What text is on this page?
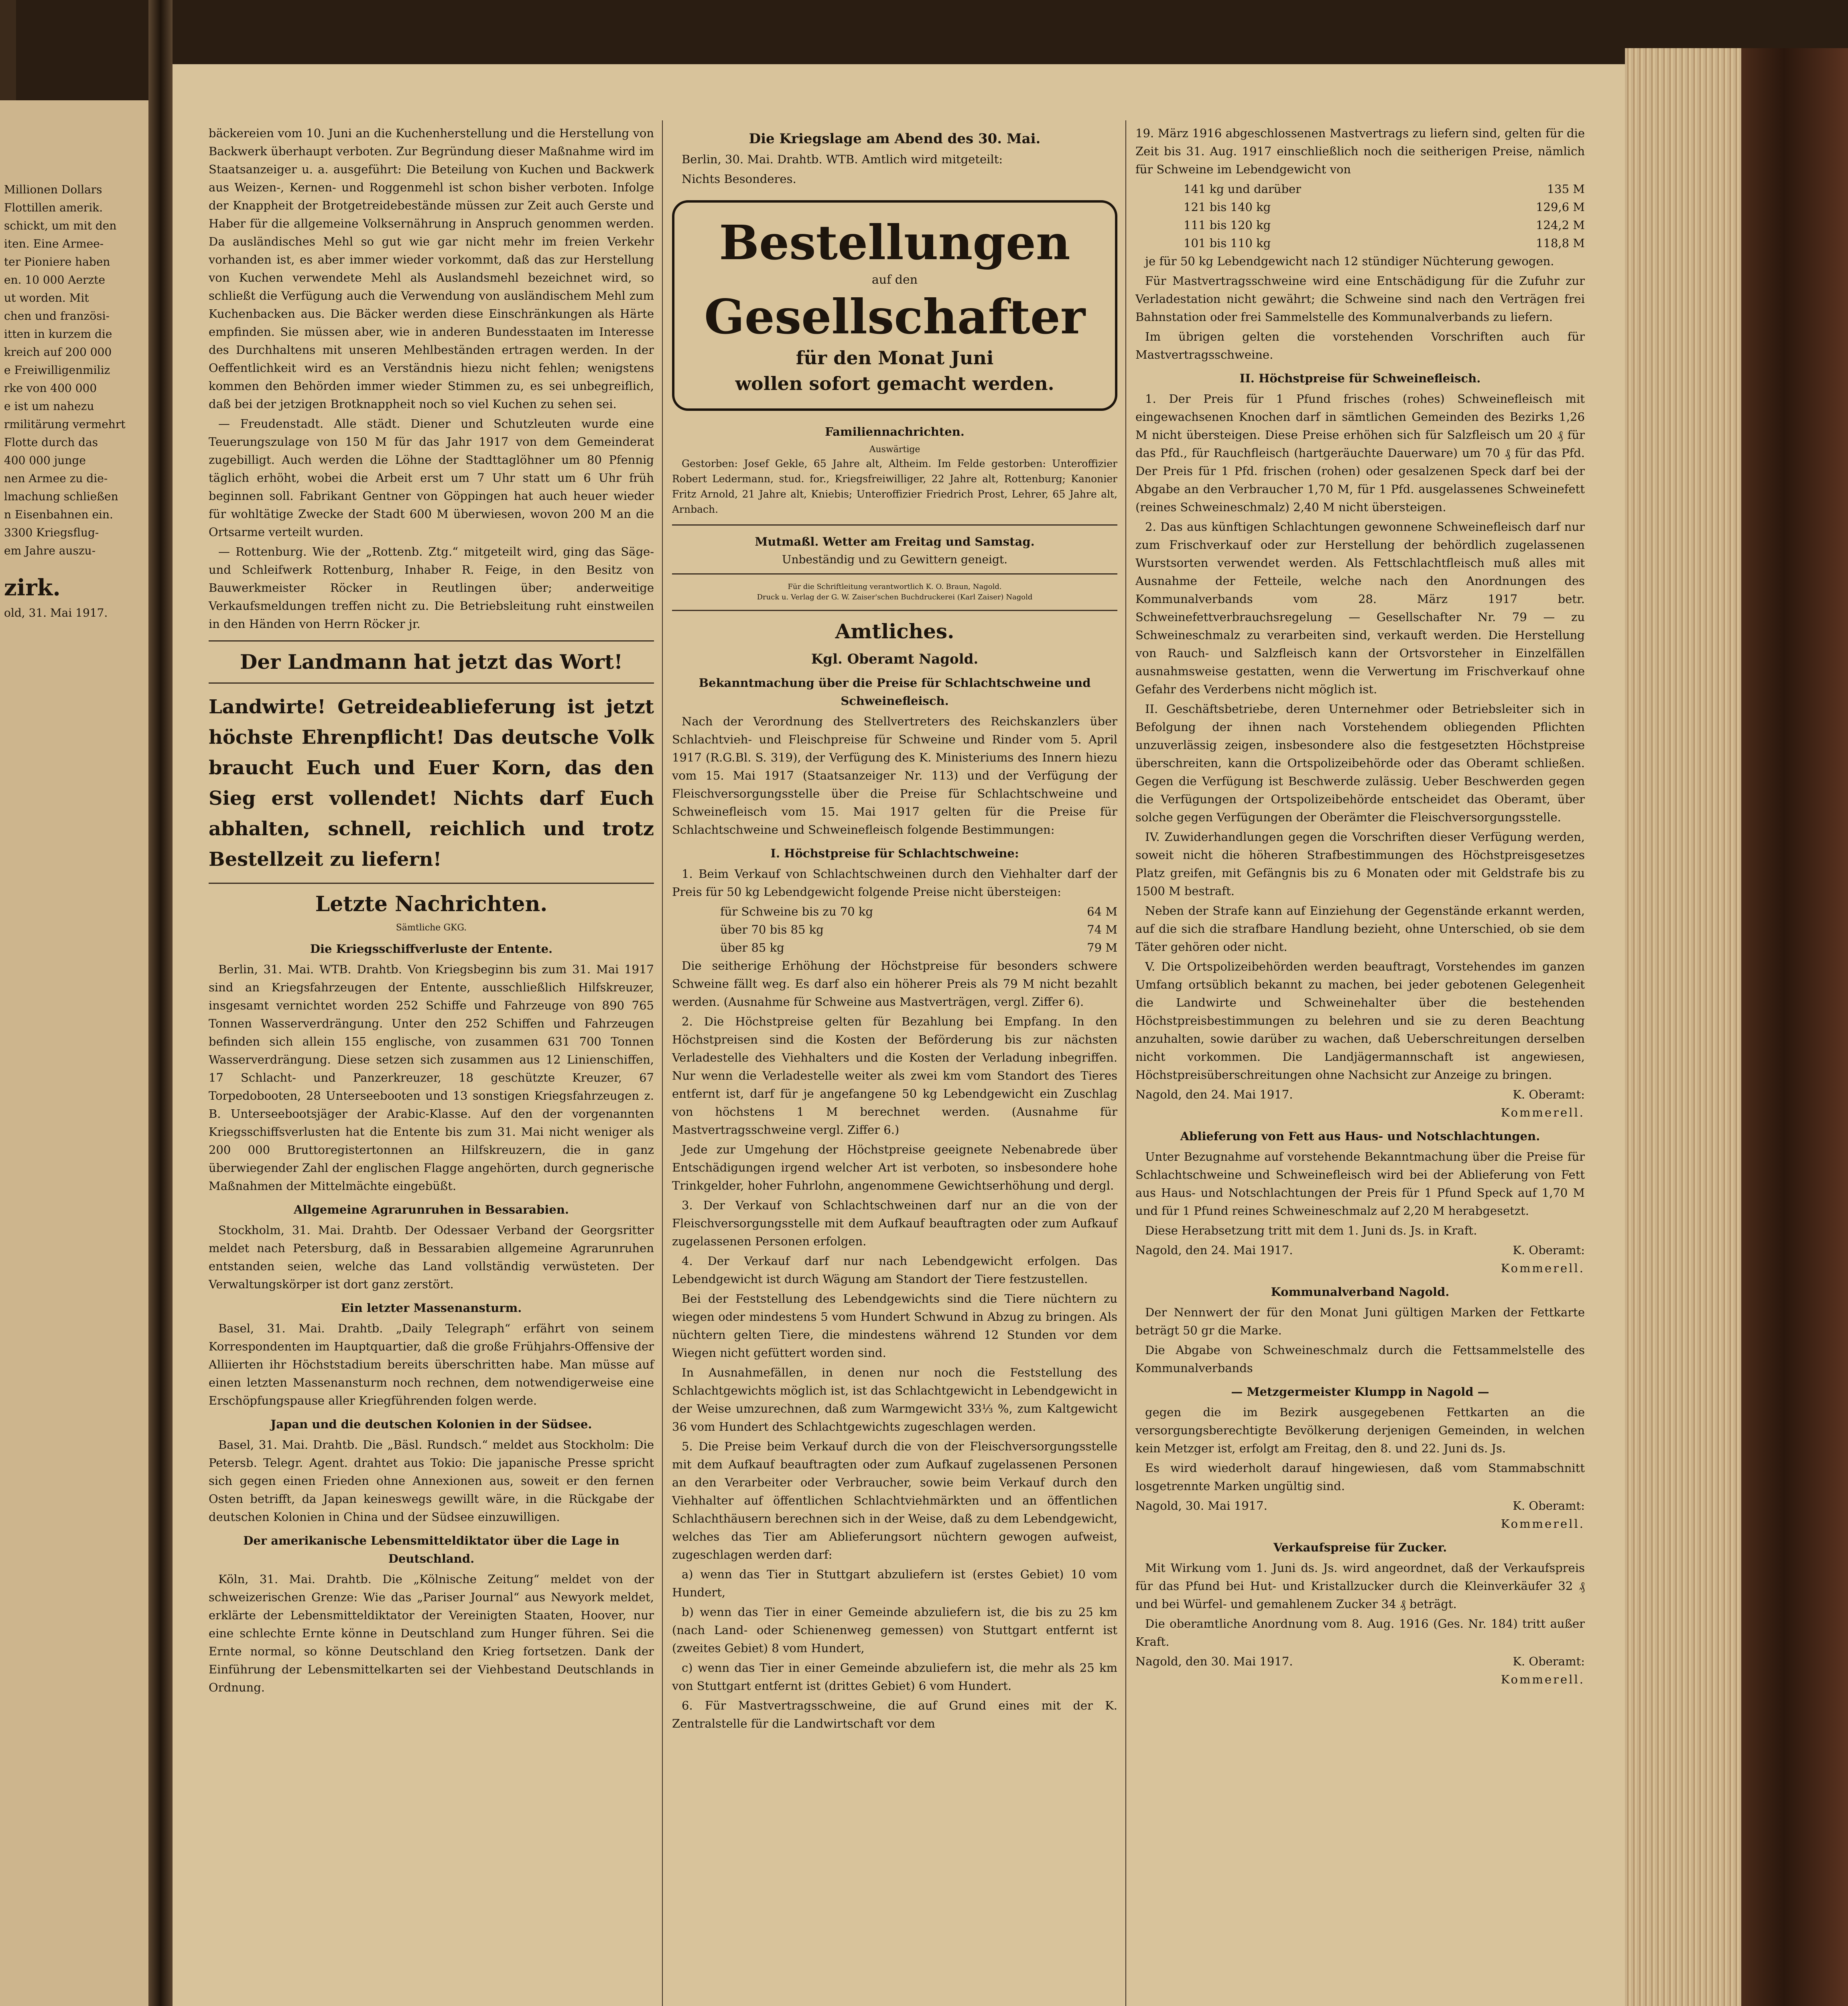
Millionen Dollars

Flottillen amerik.

schickt, um mit den

iten. Eine Armee-

ter Pioniere haben

en. 10 000 Aerzte

ut worden. Mit

chen und französi-

itten in kurzem die

kreich auf 200 000

e Freiwilligenmiliz

rke von 400 000

e ist um nahezu

rmilitärung vermehrt

Flotte durch das

400 000 junge

nen Armee zu die-

lmachung schließen

n Eisenbahnen ein.

3300 Kriegsflug-

em Jahre auszu-

zirk.

old, 31. Mai 1917.

bäckereien vom 10. Juni an die Kuchenherstellung und die Herstellung von Backwerk überhaupt verboten. Zur Begründung dieser Maßnahme wird im Staatsanzeiger u. a. ausgeführt: Die Beteilung von Kuchen und Backwerk aus Weizen-, Kernen- und Roggenmehl ist schon bisher verboten. Infolge der Knappheit der Brotgetreidebestände müssen zur Zeit auch Gerste und Haber für die allgemeine Volksernährung in Anspruch genommen werden. Da ausländisches Mehl so gut wie gar nicht mehr im freien Verkehr vorhanden ist, es aber immer wieder vorkommt, daß das zur Herstellung von Kuchen verwendete Mehl als Auslandsmehl bezeichnet wird, so schließt die Verfügung auch die Verwendung von ausländischem Mehl zum Kuchenbacken aus. Die Bäcker werden diese Einschränkungen als Härte empfinden. Sie müssen aber, wie in anderen Bundesstaaten im Interesse des Durchhaltens mit unseren Mehlbeständen ertragen werden. In der Oeffentlichkeit wird es an Verständnis hiezu nicht fehlen; wenigstens kommen den Behörden immer wieder Stimmen zu, es sei unbegreiflich, daß bei der jetzigen Brotknappheit noch so viel Kuchen zu sehen sei.

— Freudenstadt. Alle städt. Diener und Schutzleuten wurde eine Teuerungszulage von 150 M für das Jahr 1917 von dem Gemeinderat zugebilligt. Auch werden die Löhne der Stadttaglöhner um 80 Pfennig täglich erhöht, wobei die Arbeit erst um 7 Uhr statt um 6 Uhr früh beginnen soll. Fabrikant Gentner von Göppingen hat auch heuer wieder für wohltätige Zwecke der Stadt 600 M überwiesen, wovon 200 M an die Ortsarme verteilt wurden.

— Rottenburg. Wie der „Rottenb. Ztg.“ mitgeteilt wird, ging das Säge- und Schleifwerk Rottenburg, Inhaber R. Feige, in den Besitz von Bauwerkmeister Röcker in Reutlingen über; anderweitige Verkaufsmeldungen treffen nicht zu. Die Betriebsleitung ruht einstweilen in den Händen von Herrn Röcker jr.

Der Landmann hat jetzt das Wort!
Landwirte! Getreideablieferung ist jetzt höchste Ehrenpflicht! Das deutsche Volk braucht Euch und Euer Korn, das den Sieg erst vollendet! Nichts darf Euch abhalten, schnell, reichlich und trotz Bestellzeit zu liefern!
Letzte Nachrichten.
Sämtliche GKG.
Die Kriegsschiffverluste der Entente.

Berlin, 31. Mai. WTB. Drahtb. Von Kriegsbeginn bis zum 31. Mai 1917 sind an Kriegsfahrzeugen der Entente, ausschließlich Hilfskreuzer, insgesamt vernichtet worden 252 Schiffe und Fahrzeuge von 890 765 Tonnen Wasserverdrängung. Unter den 252 Schiffen und Fahrzeugen befinden sich allein 155 englische, von zusammen 631 700 Tonnen Wasserverdrängung. Diese setzen sich zusammen aus 12 Linienschiffen, 17 Schlacht- und Panzerkreuzer, 18 geschützte Kreuzer, 67 Torpedobooten, 28 Unterseebooten und 13 sonstigen Kriegsfahrzeugen z. B. Unterseebootsjäger der Arabic-Klasse. Auf den der vorgenannten Kriegsschiffsverlusten hat die Entente bis zum 31. Mai nicht weniger als 200 000 Bruttoregistertonnen an Hilfskreuzern, die in ganz überwiegender Zahl der englischen Flagge angehörten, durch gegnerische Maßnahmen der Mittelmächte eingebüßt.

Allgemeine Agrarunruhen in Bessarabien.

Stockholm, 31. Mai. Drahtb. Der Odessaer Verband der Georgsritter meldet nach Petersburg, daß in Bessarabien allgemeine Agrarunruhen entstanden seien, welche das Land vollständig verwüsteten. Der Verwaltungskörper ist dort ganz zerstört.

Ein letzter Massenansturm.

Basel, 31. Mai. Drahtb. „Daily Telegraph“ erfährt von seinem Korrespondenten im Hauptquartier, daß die große Frühjahrs-Offensive der Alliierten ihr Höchststadium bereits überschritten habe. Man müsse auf einen letzten Massenansturm noch rechnen, dem notwendigerweise eine Erschöpfungspause aller Kriegführenden folgen werde.

Japan und die deutschen Kolonien in der Südsee.

Basel, 31. Mai. Drahtb. Die „Bäsl. Rundsch.“ meldet aus Stockholm: Die Petersb. Telegr. Agent. drahtet aus Tokio: Die japanische Presse spricht sich gegen einen Frieden ohne Annexionen aus, soweit er den fernen Osten betrifft, da Japan keineswegs gewillt wäre, in die Rückgabe der deutschen Kolonien in China und der Südsee einzuwilligen.

Der amerikanische Lebensmitteldiktator über die Lage in Deutschland.

Köln, 31. Mai. Drahtb. Die „Kölnische Zeitung“ meldet von der schweizerischen Grenze: Wie das „Pariser Journal“ aus Newyork meldet, erklärte der Lebensmitteldiktator der Vereinigten Staaten, Hoover, nur eine schlechte Ernte könne in Deutschland zum Hunger führen. Sei die Ernte normal, so könne Deutschland den Krieg fortsetzen. Dank der Einführung der Lebensmittelkarten sei der Viehbestand Deutschlands in Ordnung.

Die Kriegslage am Abend des 30. Mai.

Berlin, 30. Mai. Drahtb. WTB. Amtlich wird mitgeteilt:

Nichts Besonderes.

Bestellungen
auf den
Gesellschafter
für den Monat Juni
wollen sofort gemacht werden.
Familiennachrichten.
Auswärtige

Gestorben: Josef Gekle, 65 Jahre alt, Altheim. Im Felde gestorben: Unteroffizier Robert Ledermann, stud. for., Kriegsfreiwilliger, 22 Jahre alt, Rottenburg; Kanonier Fritz Arnold, 21 Jahre alt, Kniebis; Unteroffizier Friedrich Prost, Lehrer, 65 Jahre alt, Arnbach.

Mutmaßl. Wetter am Freitag und Samstag.
Unbeständig und zu Gewittern geneigt.
Für die Schriftleitung verantwortlich K. O. Braun, Nagold.
Druck u. Verlag der G. W. Zaiser'schen Buchdruckerei (Karl Zaiser) Nagold
Amtliches.
Kgl. Oberamt Nagold.
Bekanntmachung über die Preise für Schlachtschweine und Schweinefleisch.

Nach der Verordnung des Stellvertreters des Reichskanzlers über Schlachtvieh- und Fleischpreise für Schweine und Rinder vom 5. April 1917 (R.G.Bl. S. 319), der Verfügung des K. Ministeriums des Innern hiezu vom 15. Mai 1917 (Staatsanzeiger Nr. 113) und der Verfügung der Fleischversorgungsstelle über die Preise für Schlachtschweine und Schweinefleisch vom 15. Mai 1917 gelten für die Preise für Schlachtschweine und Schweinefleisch folgende Bestimmungen:

I. Höchstpreise für Schlachtschweine:

1. Beim Verkauf von Schlachtschweinen durch den Viehhalter darf der Preis für 50 kg Lebendgewicht folgende Preise nicht übersteigen:

für Schweine bis zu 70 kg	64 M
über 70 bis 85 kg	74 M
über 85 kg	79 M

Die seitherige Erhöhung der Höchstpreise für besonders schwere Schweine fällt weg. Es darf also ein höherer Preis als 79 M nicht bezahlt werden. (Ausnahme für Schweine aus Mastverträgen, vergl. Ziffer 6).

2. Die Höchstpreise gelten für Bezahlung bei Empfang. In den Höchstpreisen sind die Kosten der Beförderung bis zur nächsten Verladestelle des Viehhalters und die Kosten der Verladung inbegriffen. Nur wenn die Verladestelle weiter als zwei km vom Standort des Tieres entfernt ist, darf für je angefangene 50 kg Lebendgewicht ein Zuschlag von höchstens 1 M berechnet werden. (Ausnahme für Mastvertragsschweine vergl. Ziffer 6.)

Jede zur Umgehung der Höchstpreise geeignete Nebenabrede über Entschädigungen irgend welcher Art ist verboten, so insbesondere hohe Trinkgelder, hoher Fuhrlohn, angenommene Gewichtserhöhung und dergl.

3. Der Verkauf von Schlachtschweinen darf nur an die von der Fleischversorgungsstelle mit dem Aufkauf beauftragten oder zum Aufkauf zugelassenen Personen erfolgen.

4. Der Verkauf darf nur nach Lebendgewicht erfolgen. Das Lebendgewicht ist durch Wägung am Standort der Tiere festzustellen.

Bei der Feststellung des Lebendgewichts sind die Tiere nüchtern zu wiegen oder mindestens 5 vom Hundert Schwund in Abzug zu bringen. Als nüchtern gelten Tiere, die mindestens während 12 Stunden vor dem Wiegen nicht gefüttert worden sind.

In Ausnahmefällen, in denen nur noch die Feststellung des Schlachtgewichts möglich ist, ist das Schlachtgewicht in Lebendgewicht in der Weise umzurechnen, daß zum Warmgewicht 33⅓ %, zum Kaltgewicht 36 vom Hundert des Schlachtgewichts zugeschlagen werden.

5. Die Preise beim Verkauf durch die von der Fleischversorgungsstelle mit dem Aufkauf beauftragten oder zum Aufkauf zugelassenen Personen an den Verarbeiter oder Verbraucher, sowie beim Verkauf durch den Viehhalter auf öffentlichen Schlachtviehmärkten und an öffentlichen Schlachthäusern berechnen sich in der Weise, daß zu dem Lebendgewicht, welches das Tier am Ablieferungsort nüchtern gewogen aufweist, zugeschlagen werden darf:

a) wenn das Tier in Stuttgart abzuliefern ist (erstes Gebiet) 10 vom Hundert,

b) wenn das Tier in einer Gemeinde abzuliefern ist, die bis zu 25 km (nach Land- oder Schienenweg gemessen) von Stuttgart entfernt ist (zweites Gebiet) 8 vom Hundert,

c) wenn das Tier in einer Gemeinde abzuliefern ist, die mehr als 25 km von Stuttgart entfernt ist (drittes Gebiet) 6 vom Hundert.

6. Für Mastvertragsschweine, die auf Grund eines mit der K. Zentralstelle für die Landwirtschaft vor dem

19. März 1916 abgeschlossenen Mastvertrags zu liefern sind, gelten für die Zeit bis 31. Aug. 1917 einschließlich noch die seitherigen Preise, nämlich für Schweine im Lebendgewicht von

141 kg und darüber	135 M
121 bis 140 kg	129,6 M
111 bis 120 kg	124,2 M
101 bis 110 kg	118,8 M

je für 50 kg Lebendgewicht nach 12 stündiger Nüchterung gewogen.

Für Mastvertragsschweine wird eine Entschädigung für die Zufuhr zur Verladestation nicht gewährt; die Schweine sind nach den Verträgen frei Bahnstation oder frei Sammelstelle des Kommunalverbands zu liefern.

Im übrigen gelten die vorstehenden Vorschriften auch für Mastvertragsschweine.

II. Höchstpreise für Schweinefleisch.

1. Der Preis für 1 Pfund frisches (rohes) Schweinefleisch mit eingewachsenen Knochen darf in sämtlichen Gemeinden des Bezirks 1,26 M nicht übersteigen. Diese Preise erhöhen sich für Salzfleisch um 20 ₰ für das Pfd., für Rauchfleisch (hartgeräuchte Dauerware) um 70 ₰ für das Pfd. Der Preis für 1 Pfd. frischen (rohen) oder gesalzenen Speck darf bei der Abgabe an den Verbraucher 1,70 M, für 1 Pfd. ausgelassenes Schweinefett (reines Schweineschmalz) 2,40 M nicht übersteigen.

2. Das aus künftigen Schlachtungen gewonnene Schweinefleisch darf nur zum Frischverkauf oder zur Herstellung der behördlich zugelassenen Wurstsorten verwendet werden. Als Fettschlachtfleisch muß alles mit Ausnahme der Fetteile, welche nach den Anordnungen des Kommunalverbands vom 28. März 1917 betr. Schweinefettverbrauchsregelung — Gesellschafter Nr. 79 — zu Schweineschmalz zu verarbeiten sind, verkauft werden. Die Herstellung von Rauch- und Salzfleisch kann der Ortsvorsteher in Einzelfällen ausnahmsweise gestatten, wenn die Verwertung im Frischverkauf ohne Gefahr des Verderbens nicht möglich ist.

II. Geschäftsbetriebe, deren Unternehmer oder Betriebsleiter sich in Befolgung der ihnen nach Vorstehendem obliegenden Pflichten unzuverlässig zeigen, insbesondere also die festgesetzten Höchstpreise überschreiten, kann die Ortspolizeibehörde oder das Oberamt schließen. Gegen die Verfügung ist Beschwerde zulässig. Ueber Beschwerden gegen die Verfügungen der Ortspolizeibehörde entscheidet das Oberamt, über solche gegen Verfügungen der Oberämter die Fleischversorgungsstelle.

IV. Zuwiderhandlungen gegen die Vorschriften dieser Verfügung werden, soweit nicht die höheren Strafbestimmungen des Höchstpreisgesetzes Platz greifen, mit Gefängnis bis zu 6 Monaten oder mit Geldstrafe bis zu 1500 M bestraft.

Neben der Strafe kann auf Einziehung der Gegenstände erkannt werden, auf die sich die strafbare Handlung bezieht, ohne Unterschied, ob sie dem Täter gehören oder nicht.

V. Die Ortspolizeibehörden werden beauftragt, Vorstehendes im ganzen Umfang ortsüblich bekannt zu machen, bei jeder gebotenen Gelegenheit die Landwirte und Schweinehalter über die bestehenden Höchstpreisbestimmungen zu belehren und sie zu deren Beachtung anzuhalten, sowie darüber zu wachen, daß Ueberschreitungen derselben nicht vorkommen. Die Landjägermannschaft ist angewiesen, Höchstpreisüberschreitungen ohne Nachsicht zur Anzeige zu bringen.

Nagold, den 24. Mai 1917.	K. Oberamt:
Kommerell.
Ablieferung von Fett aus Haus- und Notschlachtungen.

Unter Bezugnahme auf vorstehende Bekanntmachung über die Preise für Schlachtschweine und Schweinefleisch wird bei der Ablieferung von Fett aus Haus- und Notschlachtungen der Preis für 1 Pfund Speck auf 1,70 M und für 1 Pfund reines Schweineschmalz auf 2,20 M herabgesetzt.

Diese Herabsetzung tritt mit dem 1. Juni ds. Js. in Kraft.

Nagold, den 24. Mai 1917.	K. Oberamt:
Kommerell.
Kommunalverband Nagold.

Der Nennwert der für den Monat Juni gültigen Marken der Fettkarte beträgt 50 gr die Marke.

Die Abgabe von Schweineschmalz durch die Fettsammelstelle des Kommunalverbands

— Metzgermeister Klumpp in Nagold —

gegen die im Bezirk ausgegebenen Fettkarten an die versorgungsberechtigte Bevölkerung derjenigen Gemeinden, in welchen kein Metzger ist, erfolgt am Freitag, den 8. und 22. Juni ds. Js.

Es wird wiederholt darauf hingewiesen, daß vom Stammabschnitt losgetrennte Marken ungültig sind.

Nagold, 30. Mai 1917.	K. Oberamt:
Kommerell.
Verkaufspreise für Zucker.

Mit Wirkung vom 1. Juni ds. Js. wird angeordnet, daß der Verkaufspreis für das Pfund bei Hut- und Kristallzucker durch die Kleinverkäufer 32 ₰ und bei Würfel- und gemahlenem Zucker 34 ₰ beträgt.

Die oberamtliche Anordnung vom 8. Aug. 1916 (Ges. Nr. 184) tritt außer Kraft.

Nagold, den 30. Mai 1917.	K. Oberamt:
Kommerell.
